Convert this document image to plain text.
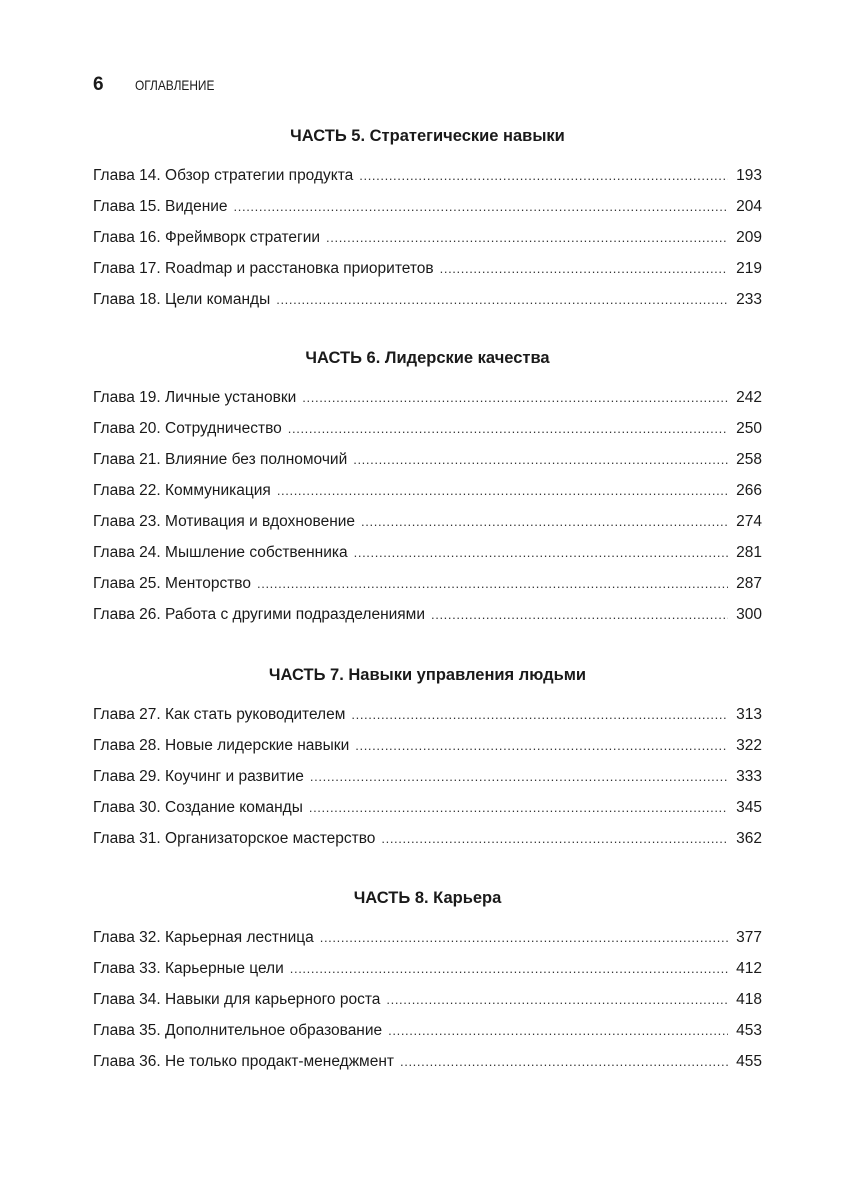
6	ОГЛАВЛЕНИЕ
ЧАСТЬ 5. Стратегические навыки
Глава 14. Обзор стратегии продукта . . .	193
Глава 15. Видение . . .	204
Глава 16. Фреймворк стратегии . . .	209
Глава 17. Roadmap и расстановка приоритетов . . .	219
Глава 18. Цели команды . . .	233
ЧАСТЬ 6. Лидерские качества
Глава 19. Личные установки . . .	242
Глава 20. Сотрудничество . . .	250
Глава 21. Влияние без полномочий . . .	258
Глава 22. Коммуникация . . .	266
Глава 23. Мотивация и вдохновение . . .	274
Глава 24. Мышление собственника . . .	281
Глава 25. Менторство . . .	287
Глава 26. Работа с другими подразделениями . . .	300
ЧАСТЬ 7. Навыки управления людьми
Глава 27. Как стать руководителем . . .	313
Глава 28. Новые лидерские навыки . . .	322
Глава 29. Коучинг и развитие . . .	333
Глава 30. Создание команды . . .	345
Глава 31. Организаторское мастерство . . .	362
ЧАСТЬ 8. Карьера
Глава 32. Карьерная лестница . . .	377
Глава 33. Карьерные цели . . .	412
Глава 34. Навыки для карьерного роста . . .	418
Глава 35. Дополнительное образование . . .	453
Глава 36. Не только продакт-менеджмент . . .	455
